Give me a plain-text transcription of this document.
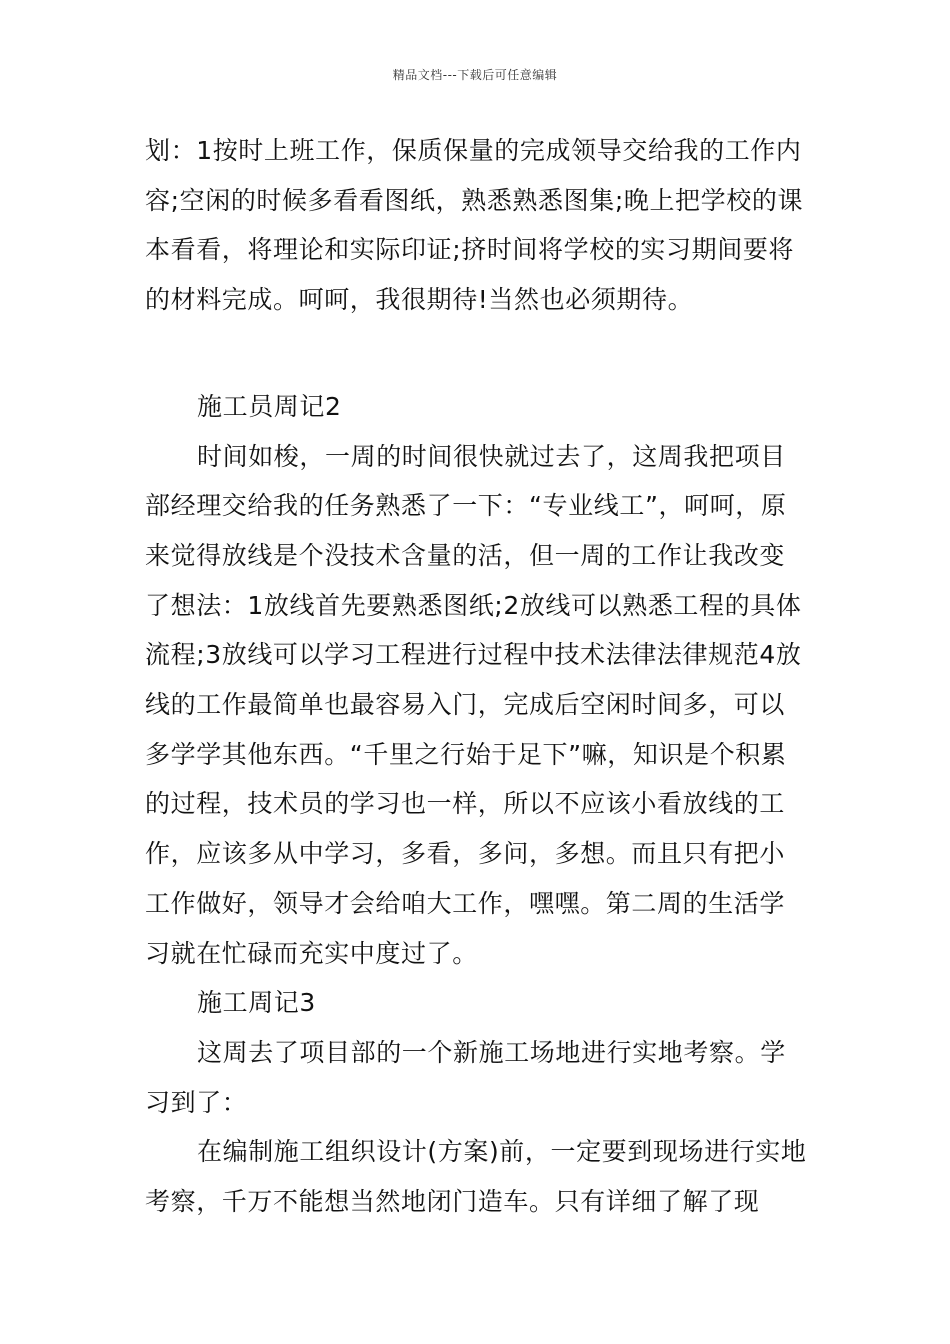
精品文档---下载后可任意编辑

划：1按时上班工作，保质保量的完成领导交给我的工作内容;空闲的时候多看看图纸，熟悉熟悉图集;晚上把学校的课本看看，将理论和实际印证;挤时间将学校的实习期间要将的材料完成。呵呵，我很期待!当然也必须期待。

施工员周记2

时间如梭，一周的时间很快就过去了，这周我把项目部经理交给我的任务熟悉了一下：“专业线工”，呵呵，原来觉得放线是个没技术含量的活，但一周的工作让我改变了想法：1放线首先要熟悉图纸;2放线可以熟悉工程的具体流程;3放线可以学习工程进行过程中技术法律法律规范4放线的工作最简单也最容易入门，完成后空闲时间多，可以多学学其他东西。“千里之行始于足下”嘛，知识是个积累的过程，技术员的学习也一样，所以不应该小看放线的工作，应该多从中学习，多看，多问，多想。而且只有把小工作做好，领导才会给咱大工作，嘿嘿。第二周的生活学习就在忙碌而充实中度过了。

施工周记3

这周去了项目部的一个新施工场地进行实地考察。学习到了：

在编制施工组织设计(方案)前，一定要到现场进行实地考察，千万不能想当然地闭门造车。只有详细了解了现
